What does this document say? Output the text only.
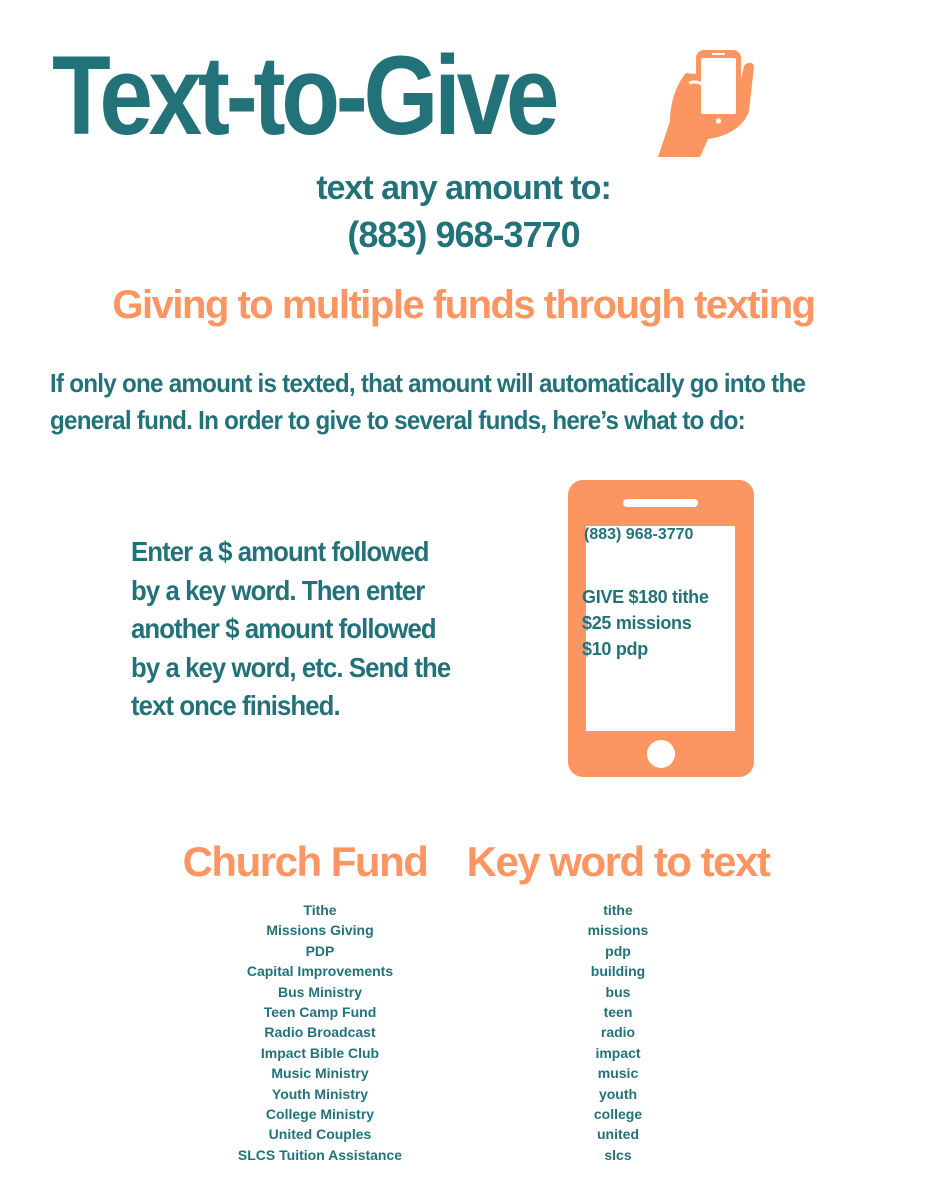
Text-to-Give
text any amount to:
(883) 968-3770
Giving to multiple funds through texting
If only one amount is texted, that amount will automatically go into the general fund. In order to give to several funds, here’s what to do:
Enter a $ amount followed by a key word. Then enter another $ amount followed by a key word, etc. Send the text once finished.
(883) 968-3770
GIVE $180 tithe
$25 missions
$10 pdp
Church Fund Key word to text
Tithe
Missions Giving
PDP
Capital Improvements
Bus Ministry
Teen Camp Fund
Radio Broadcast
Impact Bible Club
Music Ministry
Youth Ministry
College Ministry
United Couples
SLCS Tuition Assistance
tithe
missions
pdp
building
bus
teen
radio
impact
music
youth
college
united
slcs
